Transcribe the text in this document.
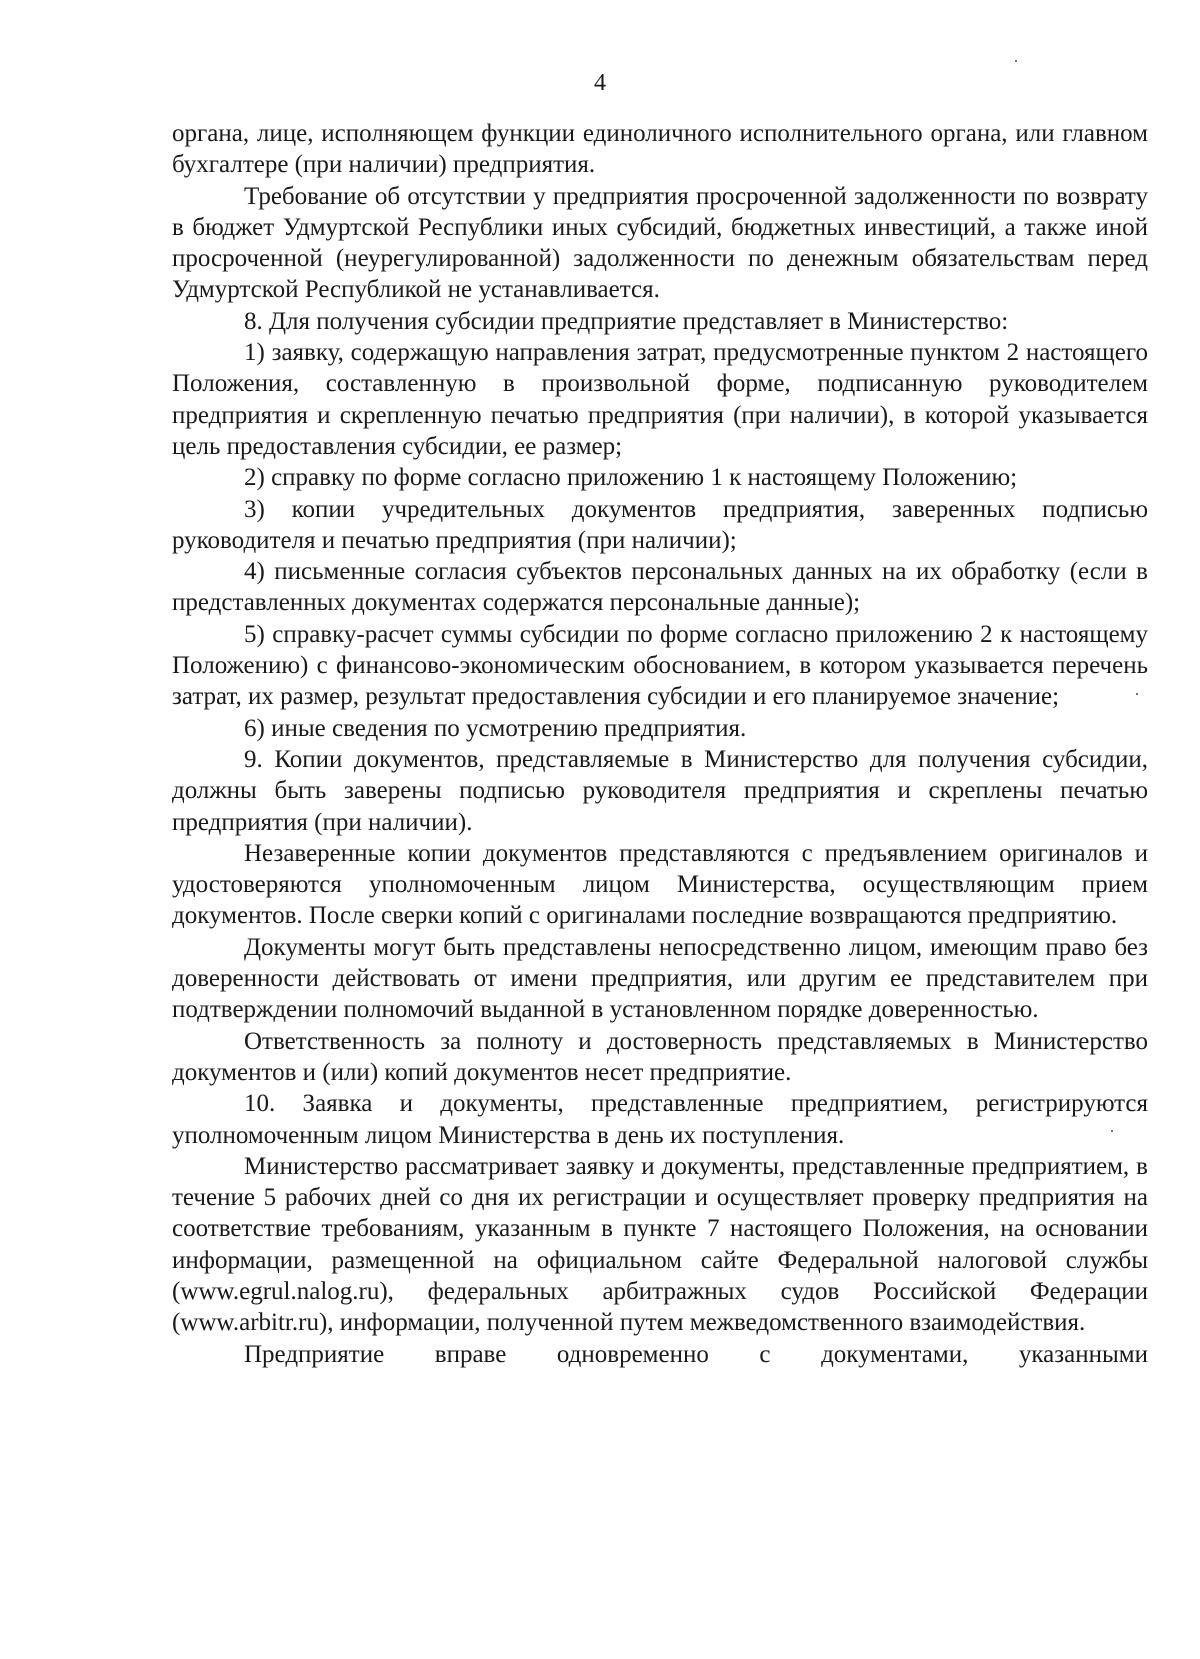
4

органа, лице, исполняющем функции единоличного исполнительного органа, или главном бухгалтере (при наличии) предприятия.

Требование об отсутствии у предприятия просроченной задолженности по возврату в бюджет Удмуртской Республики иных субсидий, бюджетных инвестиций, а также иной просроченной (неурегулированной) задолженности по денежным обязательствам перед Удмуртской Республикой не устанавливается.

8. Для получения субсидии предприятие представляет в Министерство:

1) заявку, содержащую направления затрат, предусмотренные пунктом 2 настоящего Положения, составленную в произвольной форме, подписанную руководителем предприятия и скрепленную печатью предприятия (при наличии), в которой указывается цель предоставления субсидии, ее размер;

2) справку по форме согласно приложению 1 к настоящему Положению;

3) копии учредительных документов предприятия, заверенных подписью руководителя и печатью предприятия (при наличии);

4) письменные согласия субъектов персональных данных на их обработку (если в представленных документах содержатся персональные данные);

5) справку-расчет суммы субсидии по форме согласно приложению 2 к настоящему Положению) с финансово-экономическим обоснованием, в котором указывается перечень затрат, их размер, результат предоставления субсидии и его планируемое значение;

6) иные сведения по усмотрению предприятия.

9. Копии документов, представляемые в Министерство для получения субсидии, должны быть заверены подписью руководителя предприятия и скреплены печатью предприятия (при наличии).

Незаверенные копии документов представляются с предъявлением оригиналов и удостоверяются уполномоченным лицом Министерства, осуществляющим прием документов. После сверки копий с оригиналами последние возвращаются предприятию.

Документы могут быть представлены непосредственно лицом, имеющим право без доверенности действовать от имени предприятия, или другим ее представителем при подтверждении полномочий выданной в установленном порядке доверенностью.

Ответственность за полноту и достоверность представляемых в Министерство документов и (или) копий документов несет предприятие.

10. Заявка и документы, представленные предприятием, регистрируются уполномоченным лицом Министерства в день их поступления.

Министерство рассматривает заявку и документы, представленные предприятием, в течение 5 рабочих дней со дня их регистрации и осуществляет проверку предприятия на соответствие требованиям, указанным в пункте 7 настоящего Положения, на основании информации, размещенной на официальном сайте Федеральной налоговой службы (www.egrul.nalog.ru), федеральных арбитражных судов Российской Федерации (www.arbitr.ru), информации, полученной путем межведомственного взаимодействия.

Предприятие вправе одновременно с документами, указанными
